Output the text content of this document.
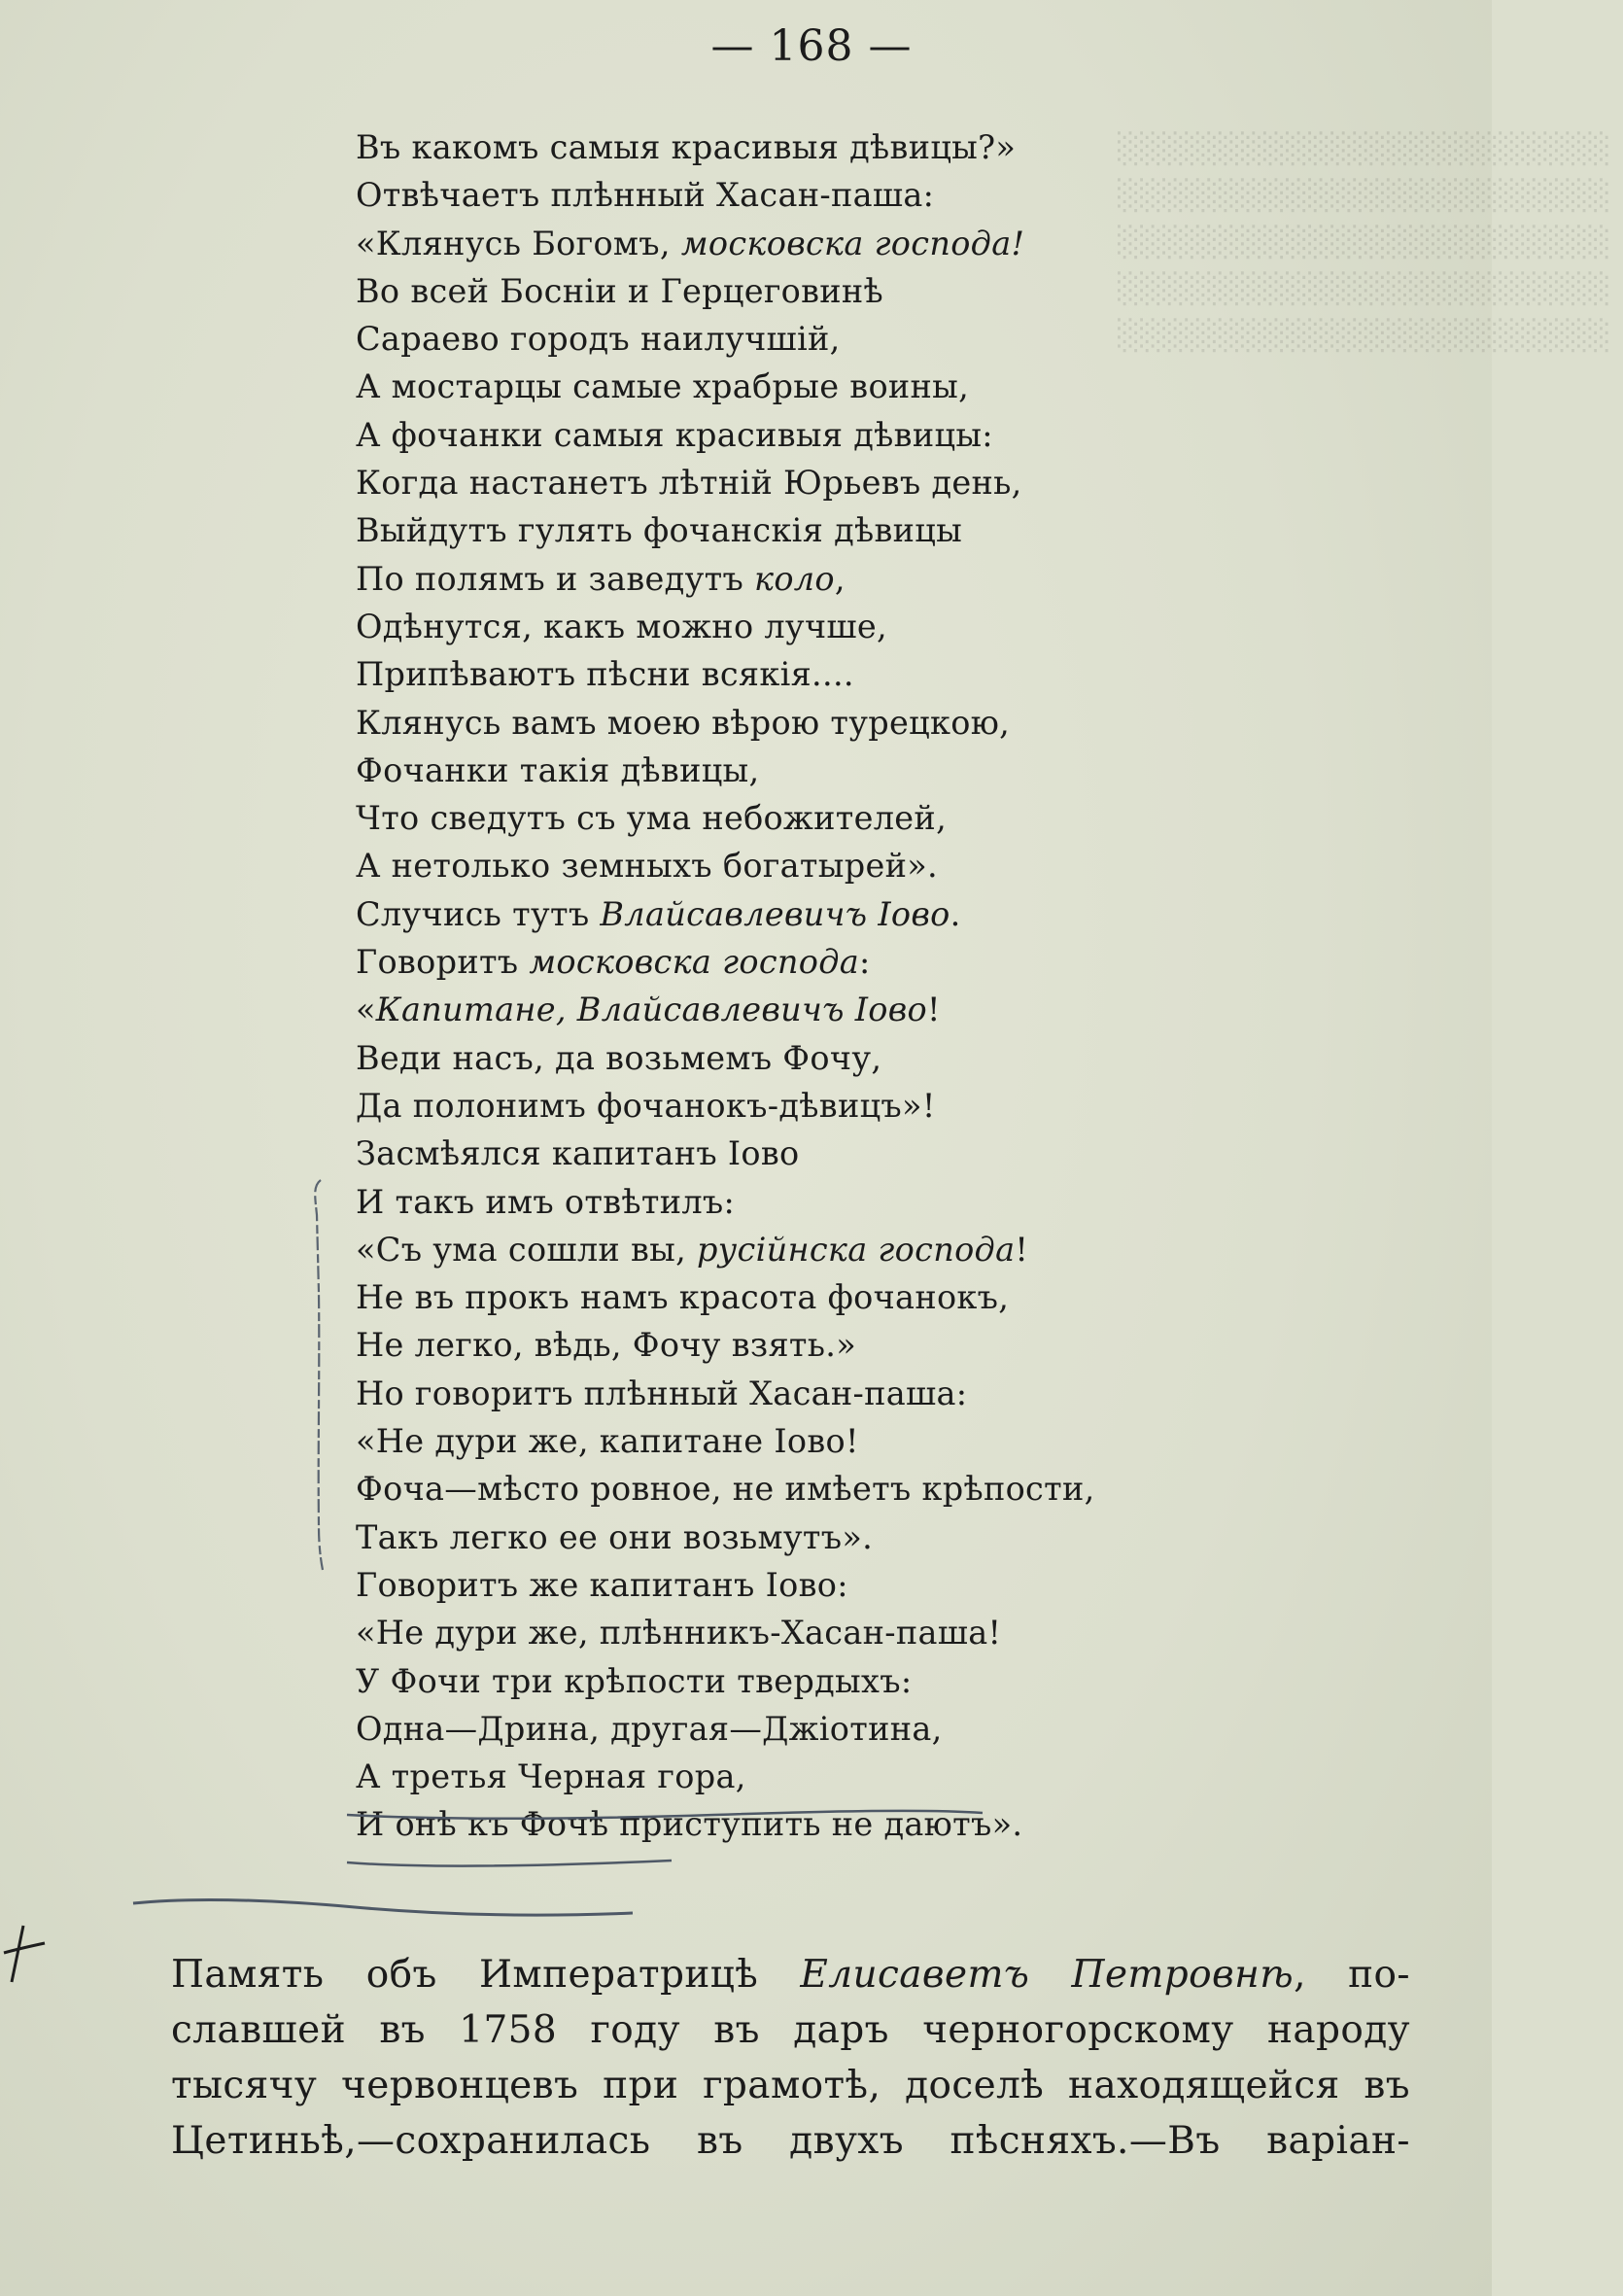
░░░░░░░░░░░░░░░░░░░░░░
░░░░░░░░░░░░░░░░░░░░░░
░░░░░░░░░░░░░░░░░░░░░░
░░░░░░░░░░░░░░░░░░░░░░
░░░░░░░░░░░░░░░░░░░░░░
— 168 —
Въ какомъ самыя красивыя дѣвицы?»
Отвѣчаетъ плѣнный Хасан-паша:
«Клянусь Богомъ, московска господа!
Во всей Босніи и Герцеговинѣ
Сараево городъ наилучшій,
А мостарцы самые храбрые воины,
А фочанки самыя красивыя дѣвицы:
Когда настанетъ лѣтній Юрьевъ день,
Выйдутъ гулять фочанскія дѣвицы
По полямъ и заведутъ коло,
Одѣнутся, какъ можно лучше,
Припѣваютъ пѣсни всякія....
Клянусь вамъ моею вѣрою турецкою,
Фочанки такія дѣвицы,
Что сведутъ съ ума небожителей,
А нетолько земныхъ богатырей».
Случись тутъ Влайсавлевичъ Іово.
Говоритъ московска господа:
«Капитане, Влайсавлевичъ Іово!
Веди насъ, да возьмемъ Фочу,
Да полонимъ фочанокъ-дѣвицъ»!
Засмѣялся капитанъ Іово
И такъ имъ отвѣтилъ:
«Съ ума сошли вы, русійнска господа!
Не въ прокъ намъ красота фочанокъ,
Не легко, вѣдь, Фочу взять.»
Но говоритъ плѣнный Хасан-паша:
«Не дури же, капитане Іово!
Фоча—мѣсто ровное, не имѣетъ крѣпости,
Такъ легко ее они возьмутъ».
Говоритъ же капитанъ Іово:
«Не дури же, плѣнникъ-Хасан-паша!
У Фочи три крѣпости твердыхъ:
Одна—Дрина, другая—Джіотина,
А третья Черная гора,
И онѣ къ Фочѣ приступить не даютъ».
Память объ Императрицѣ Елисаветъ Петровнѣ, по-
славшей въ 1758 году въ даръ черногорскому народу
тысячу червонцевъ при грамотѣ, доселѣ находящейся въ
Цетиньѣ,—сохранилась въ двухъ пѣсняхъ.—Въ варіан-
